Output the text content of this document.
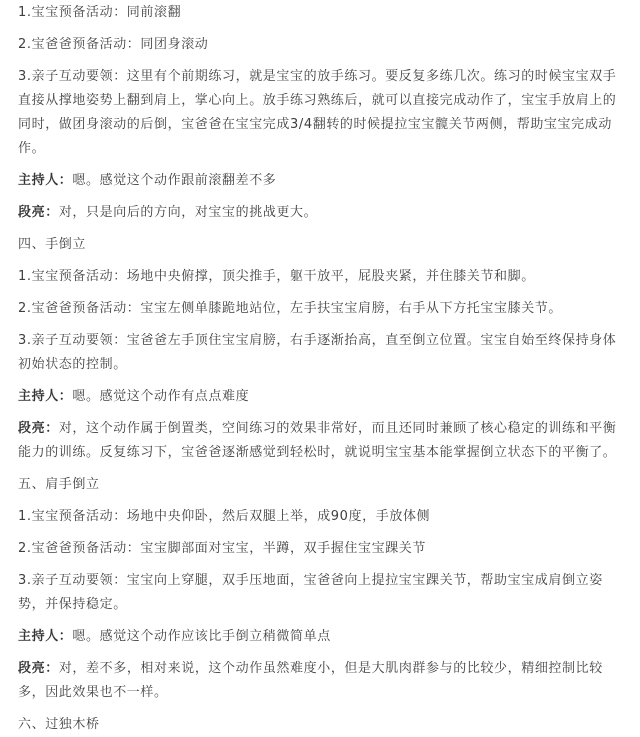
1.宝宝预备活动：同前滚翻

2.宝爸爸预备活动：同团身滚动

3.亲子互动要领：这里有个前期练习，就是宝宝的放手练习。要反复多练几次。练习的时候宝宝双手直接从撑地姿势上翻到肩上，掌心向上。放手练习熟练后，就可以直接完成动作了，宝宝手放肩上的同时，做团身滚动的后倒，宝爸爸在宝宝完成3/4翻转的时候提拉宝宝髋关节两侧，帮助宝宝完成动作。

主持人：嗯。感觉这个动作跟前滚翻差不多

段亮：对，只是向后的方向，对宝宝的挑战更大。

四、手倒立

1.宝宝预备活动：场地中央俯撑，顶尖推手，躯干放平，屁股夹紧，并住膝关节和脚。

2.宝爸爸预备活动：宝宝左侧单膝跪地站位，左手扶宝宝肩膀，右手从下方托宝宝膝关节。

3.亲子互动要领：宝爸爸左手顶住宝宝肩膀，右手逐渐抬高，直至倒立位置。宝宝自始至终保持身体初始状态的控制。

主持人：嗯。感觉这个动作有点点难度

段亮：对，这个动作属于倒置类，空间练习的效果非常好，而且还同时兼顾了核心稳定的训练和平衡能力的训练。反复练习下，宝爸爸逐渐感觉到轻松时，就说明宝宝基本能掌握倒立状态下的平衡了。

五、肩手倒立

1.宝宝预备活动：场地中央仰卧，然后双腿上举，成90度，手放体侧

2.宝爸爸预备活动：宝宝脚部面对宝宝，半蹲，双手握住宝宝踝关节

3.亲子互动要领：宝宝向上穿腿，双手压地面，宝爸爸向上提拉宝宝踝关节，帮助宝宝成肩倒立姿势，并保持稳定。

主持人：嗯。感觉这个动作应该比手倒立稍微简单点

段亮：对，差不多，相对来说，这个动作虽然难度小，但是大肌肉群参与的比较少，精细控制比较多，因此效果也不一样。

六、过独木桥
